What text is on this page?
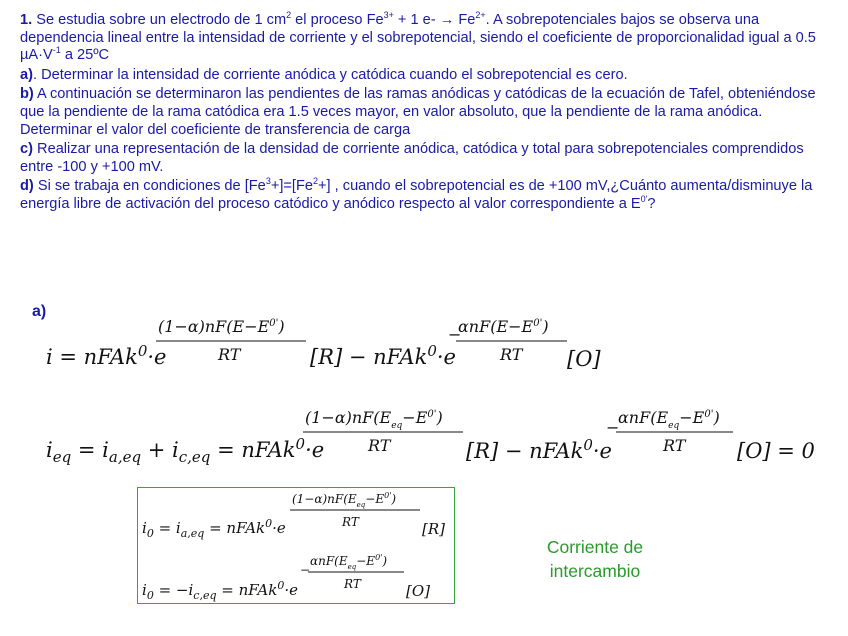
1. Se estudia sobre un electrodo de 1 $cm^2$ el proceso $Fe^{3+} + 1$ $e- \to Fe^{2+}$. A sobrepotenciales bajos se observa una dependencia lineal entre la intensidad de corriente y el sobrepotencial, siendo el coeficiente de proporcionalidad igual a 0.5 $\mu A\cdot V^{-1}$ a 25ºC

a). Determinar la intensidad de corriente anódica y catódica cuando el sobrepotencial es cero.

b) A continuación se determinaron las pendientes de las ramas anódicas y catódicas de la ecuación de Tafel, obteniéndose que la pendiente de la rama catódica era 1.5 veces mayor, en valor absoluto, que la pendiente de la rama anódica. Determinar el valor del coeficiente de transferencia de carga

c) Realizar una representación de la densidad de corriente anódica, catódica y total para sobrepotenciales comprendidos entre -100 y +100 mV.

d) Si se trabaja en condiciones de $[Fe^3+]=[Fe^2+]$ , cuando el sobrepotencial es de +100 mV,¿Cuánto aumenta/disminuye la energía libre de activación del proceso catódico y anódico respecto al valor correspondiente a $E^{0'}$?

a)
Corriente de
intercambio
i = nFAk$^0$·e
$(1-\alpha)nF(E-E^{0'})$
RT	[R] − nFAk$^0$·e
−
$\alpha nF(E-E^{0'})$
RT [O]
$i_{eq} = i_{a,eq} + i_{c,eq}$ = nFAk$^0$·e
$(1-\alpha)nF(E_{eq}-E^{0'})$
RT	[R] − nFAk$^0$·e
−
$\alpha nF(E_{eq}-E^{0'})$
RT [O] = 0
$i_0 = i_{a,eq}$ = nFAk$^0$·e
$(1-\alpha)nF(E_{eq}-E^{0'})$
RT	[R]
$i_0 = -i_{c,eq}$ = nFAk$^0$·e
−
$\alpha nF(E_{eq}-E^{0'})$
RT	[O]
